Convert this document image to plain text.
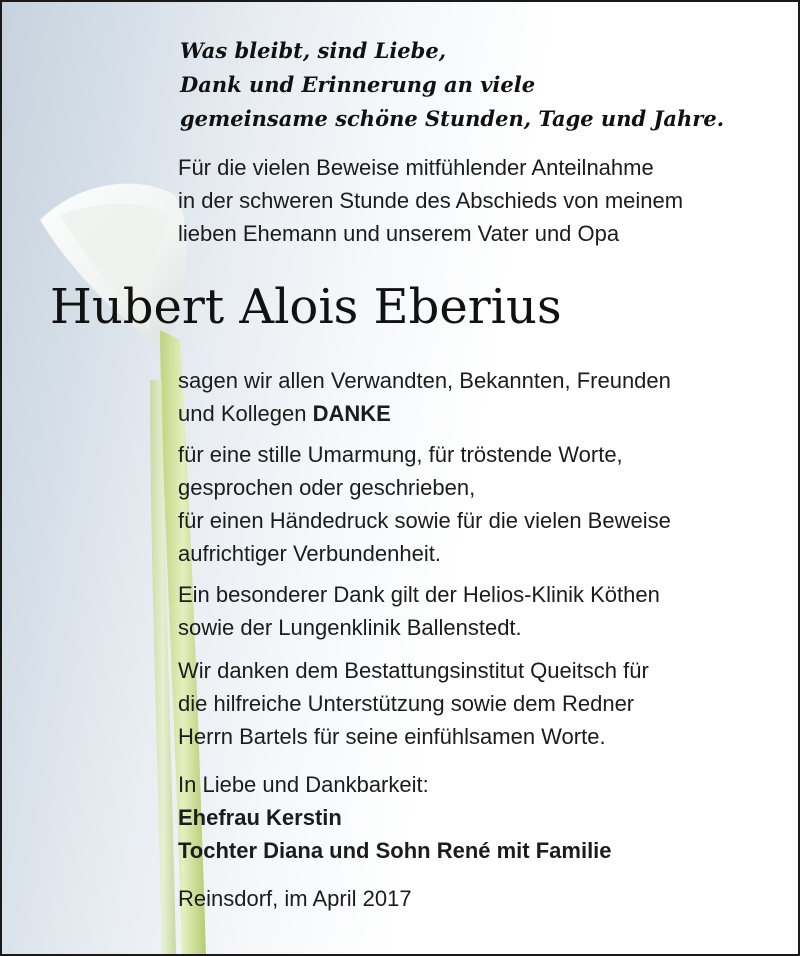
Was bleibt, sind Liebe,
Dank und Erinnerung an viele
gemeinsame schöne Stunden, Tage und Jahre.

Für die vielen Beweise mitfühlender Anteilnahme
in der schweren Stunde des Abschieds von meinem
lieben Ehemann und unserem Vater und Opa

Hubert Alois Eberius

sagen wir allen Verwandten, Bekannten, Freunden
und Kollegen DANKE

für eine stille Umarmung, für tröstende Worte,
gesprochen oder geschrieben,
für einen Händedruck sowie für die vielen Beweise
aufrichtiger Verbundenheit.

Ein besonderer Dank gilt der Helios-Klinik Köthen
sowie der Lungenklinik Ballenstedt.

Wir danken dem Bestattungsinstitut Queitsch für
die hilfreiche Unterstützung sowie dem Redner
Herrn Bartels für seine einfühlsamen Worte.

In Liebe und Dankbarkeit:
Ehefrau Kerstin
Tochter Diana und Sohn René mit Familie

Reinsdorf, im April 2017
